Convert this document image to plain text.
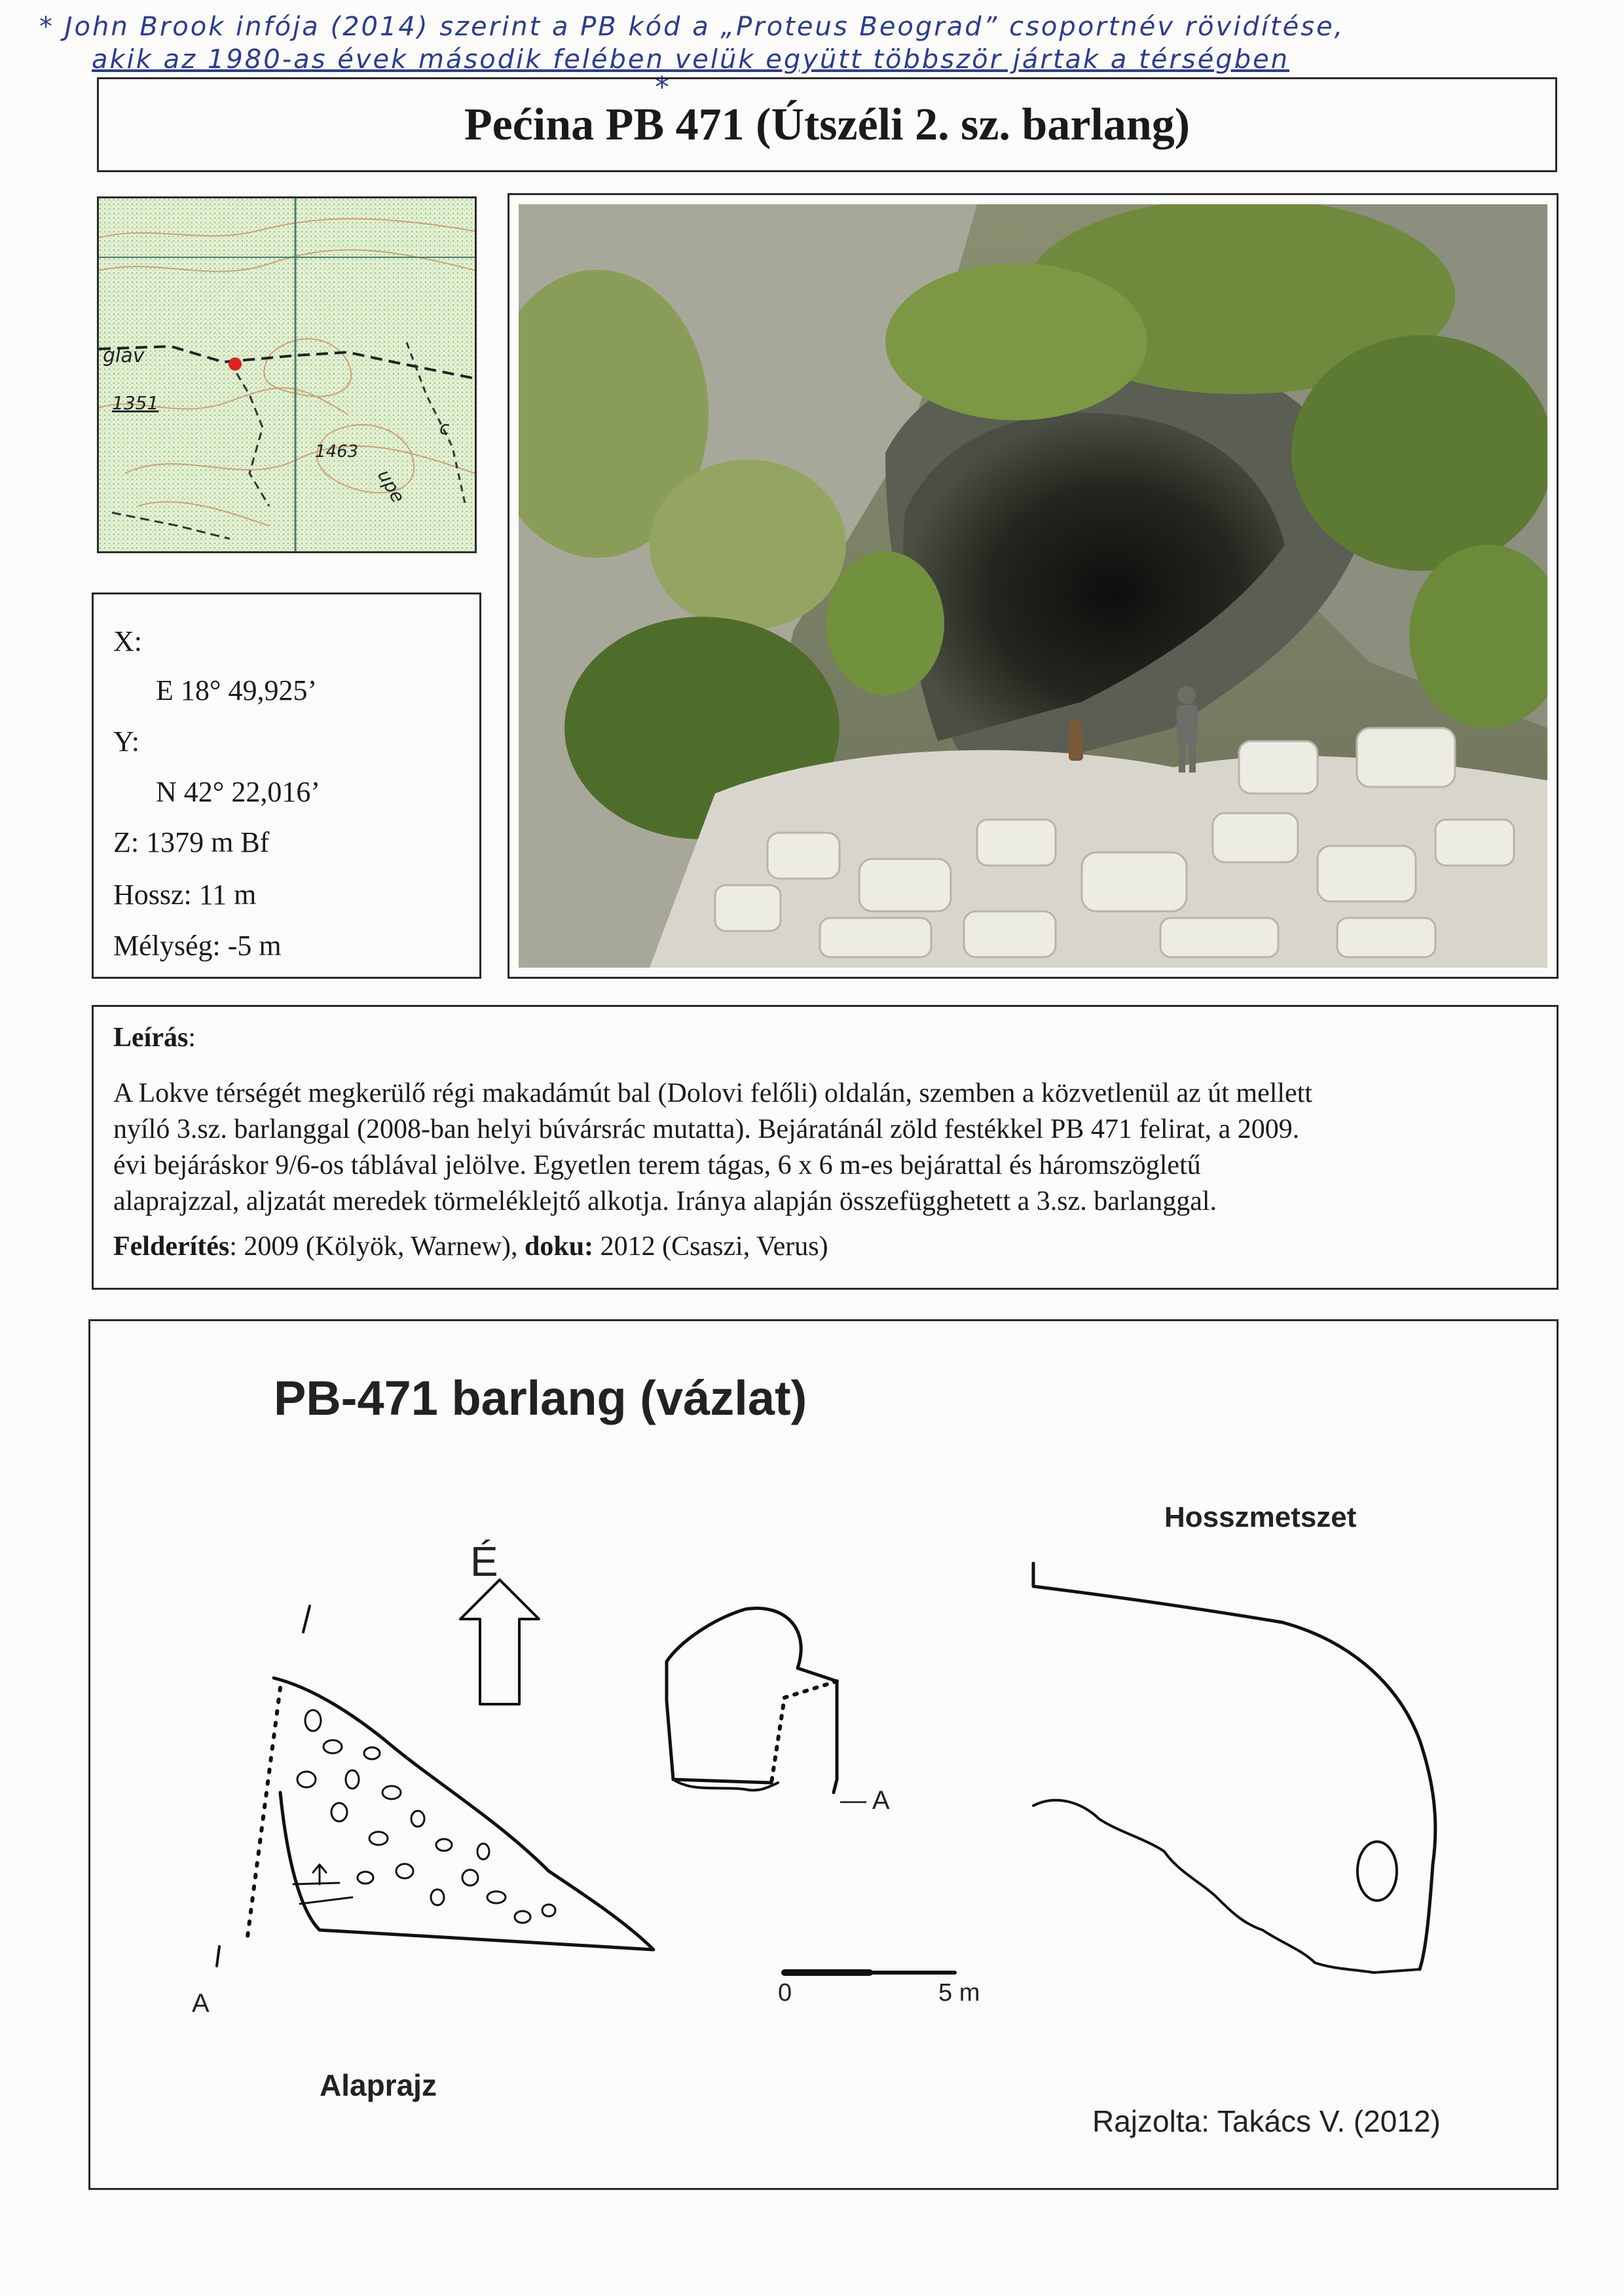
* John Brook infója (2014) szerint a PB kód a „Proteus Beograd” csoportnév rövidítése,
akik az 1980-as évek második felében velük együtt többször jártak a térségben
*
Pećina PB 471 (Útszéli 2. sz. barlang)
glav
1351
1463
upe
c
X:
E 18° 49,925’
Y:
N 42° 22,016’
Z: 1379 m Bf
Hossz: 11 m
Mélység: -5 m

Leírás:

A Lokve térségét megkerülő régi makadámút bal (Dolovi felőli) oldalán, szemben a közvetlenül az út mellett

nyíló 3.sz. barlanggal (2008-ban helyi búvársrác mutatta). Bejáratánál zöld festékkel PB 471 felirat, a 2009.

évi bejáráskor 9/6-os táblával jelölve. Egyetlen terem tágas, 6 x 6 m-es bejárattal és háromszögletű

alaprajzzal, aljzatát meredek törmeléklejtő alkotja. Iránya alapján összefügghetett a 3.sz. barlanggal.

Felderítés: 2009 (Kölyök, Warnew), doku: 2012 (Csaszi, Verus)

PB-471 barlang (vázlat)
Hosszmetszet
É
A
— A
0	5 m
Alaprajz
Rajzolta: Takács V. (2012)
